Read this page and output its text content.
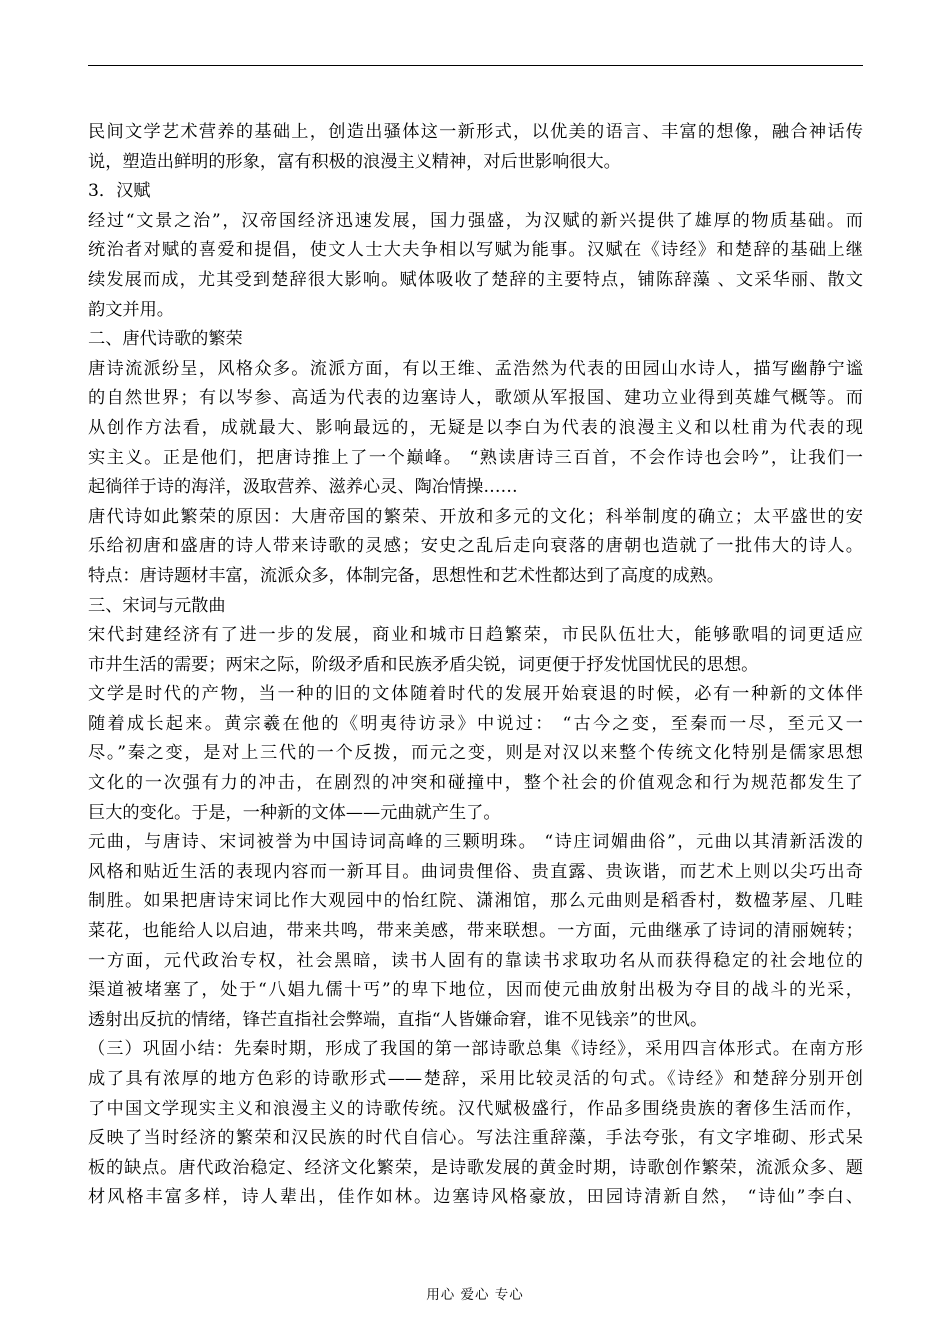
民间文学艺术营养的基础上，创造出骚体这一新形式，以优美的语言、丰富的想像，融合神话传
说，塑造出鲜明的形象，富有积极的浪漫主义精神，对后世影响很大。
3．汉赋
经过“文景之治”，汉帝国经济迅速发展，国力强盛，为汉赋的新兴提供了雄厚的物质基础。而
统治者对赋的喜爱和提倡，使文人士大夫争相以写赋为能事。汉赋在《诗经》和楚辞的基础上继
续发展而成，尤其受到楚辞很大影响。赋体吸收了楚辞的主要特点，铺陈辞藻 、文采华丽、散文
韵文并用。
二、唐代诗歌的繁荣
唐诗流派纷呈，风格众多。流派方面，有以王维、孟浩然为代表的田园山水诗人，描写幽静宁谧
的自然世界；有以岑参、高适为代表的边塞诗人，歌颂从军报国、建功立业得到英雄气概等。而
从创作方法看，成就最大、影响最远的，无疑是以李白为代表的浪漫主义和以杜甫为代表的现
实主义。正是他们，把唐诗推上了一个巅峰。 “熟读唐诗三百首，不会作诗也会吟”，让我们一
起徜徉于诗的海洋，汲取营养、滋养心灵、陶冶情操……
唐代诗如此繁荣的原因：大唐帝国的繁荣、开放和多元的文化；科举制度的确立；太平盛世的安
乐给初唐和盛唐的诗人带来诗歌的灵感；安史之乱后走向衰落的唐朝也造就了一批伟大的诗人。
特点：唐诗题材丰富，流派众多，体制完备，思想性和艺术性都达到了高度的成熟。
三、宋词与元散曲
宋代封建经济有了进一步的发展，商业和城市日趋繁荣，市民队伍壮大，能够歌唱的词更适应
市井生活的需要；两宋之际，阶级矛盾和民族矛盾尖锐，词更便于抒发忧国忧民的思想。
文学是时代的产物，当一种的旧的文体随着时代的发展开始衰退的时候，必有一种新的文体伴
随着成长起来。黄宗羲在他的《明夷待访录》中说过： “古今之变，至秦而一尽，至元又一
尽。”秦之变，是对上三代的一个反拨，而元之变，则是对汉以来整个传统文化特别是儒家思想
文化的一次强有力的冲击，在剧烈的冲突和碰撞中，整个社会的价值观念和行为规范都发生了
巨大的变化。于是，一种新的文体——元曲就产生了。
元曲，与唐诗、宋词被誉为中国诗词高峰的三颗明珠。 “诗庄词媚曲俗”，元曲以其清新活泼的
风格和贴近生活的表现内容而一新耳目。曲词贵俚俗、贵直露、贵诙谐，而艺术上则以尖巧出奇
制胜。如果把唐诗宋词比作大观园中的怡红院、潇湘馆，那么元曲则是稻香村，数楹茅屋、几畦
菜花，也能给人以启迪，带来共鸣，带来美感，带来联想。一方面，元曲继承了诗词的清丽婉转；
一方面，元代政治专权，社会黑暗，读书人固有的靠读书求取功名从而获得稳定的社会地位的
渠道被堵塞了，处于“八娼九儒十丐”的卑下地位，因而使元曲放射出极为夺目的战斗的光采，
透射出反抗的情绪，锋芒直指社会弊端，直指“人皆嫌命窘，谁不见钱亲”的世风。
（三）巩固小结：先秦时期，形成了我国的第一部诗歌总集《诗经》，采用四言体形式。在南方形
成了具有浓厚的地方色彩的诗歌形式——楚辞，采用比较灵活的句式。《诗经》和楚辞分别开创
了中国文学现实主义和浪漫主义的诗歌传统。汉代赋极盛行，作品多围绕贵族的奢侈生活而作，
反映了当时经济的繁荣和汉民族的时代自信心。写法注重辞藻，手法夸张，有文字堆砌、形式呆
板的缺点。唐代政治稳定、经济文化繁荣，是诗歌发展的黄金时期，诗歌创作繁荣，流派众多、题
材风格丰富多样，诗人辈出，佳作如林。边塞诗风格豪放，田园诗清新自然， “诗仙”李白、
用心 爱心 专心
